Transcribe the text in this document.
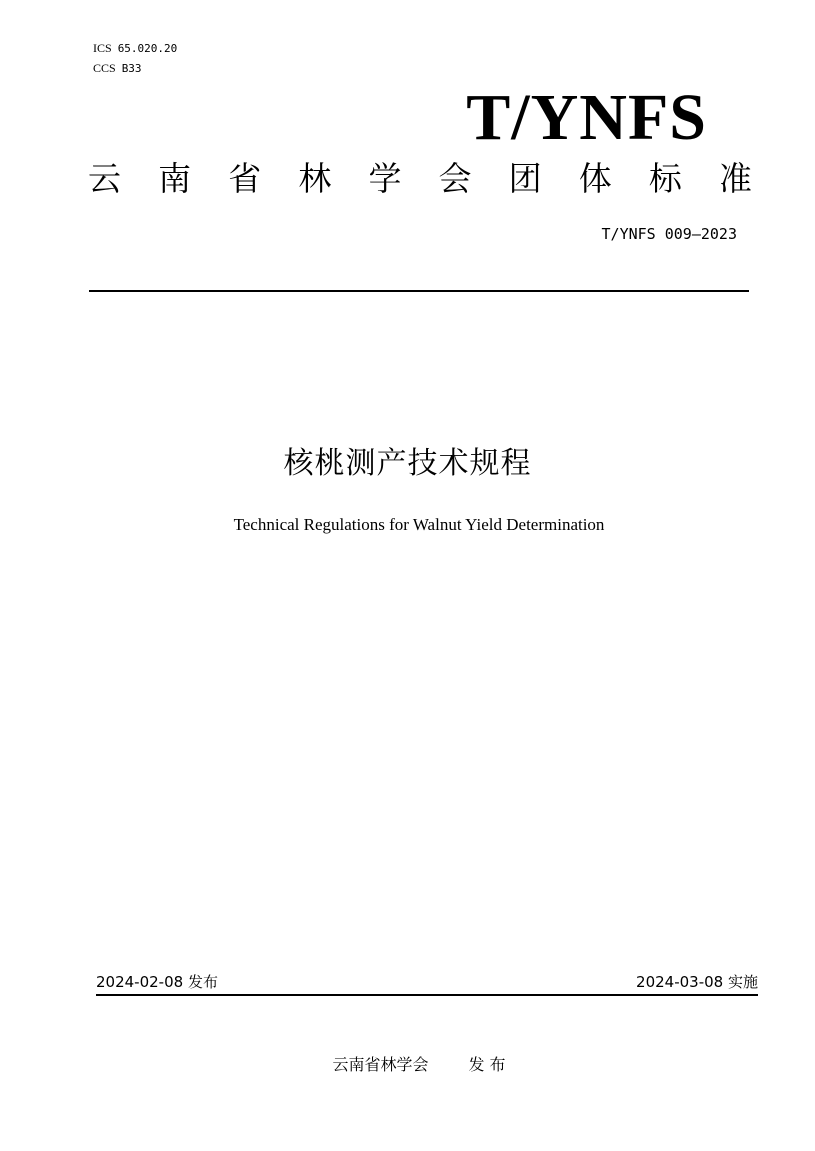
ICS 65.020.20
CCS B33
T/YNFS
云 南 省 林 学 会 团 体 标 准
T/YNFS 009—2023
核桃测产技术规程
Technical Regulations for Walnut Yield Determination
2024-02-08 发布	2024-03-08 实施
云南省林学会	发 布
